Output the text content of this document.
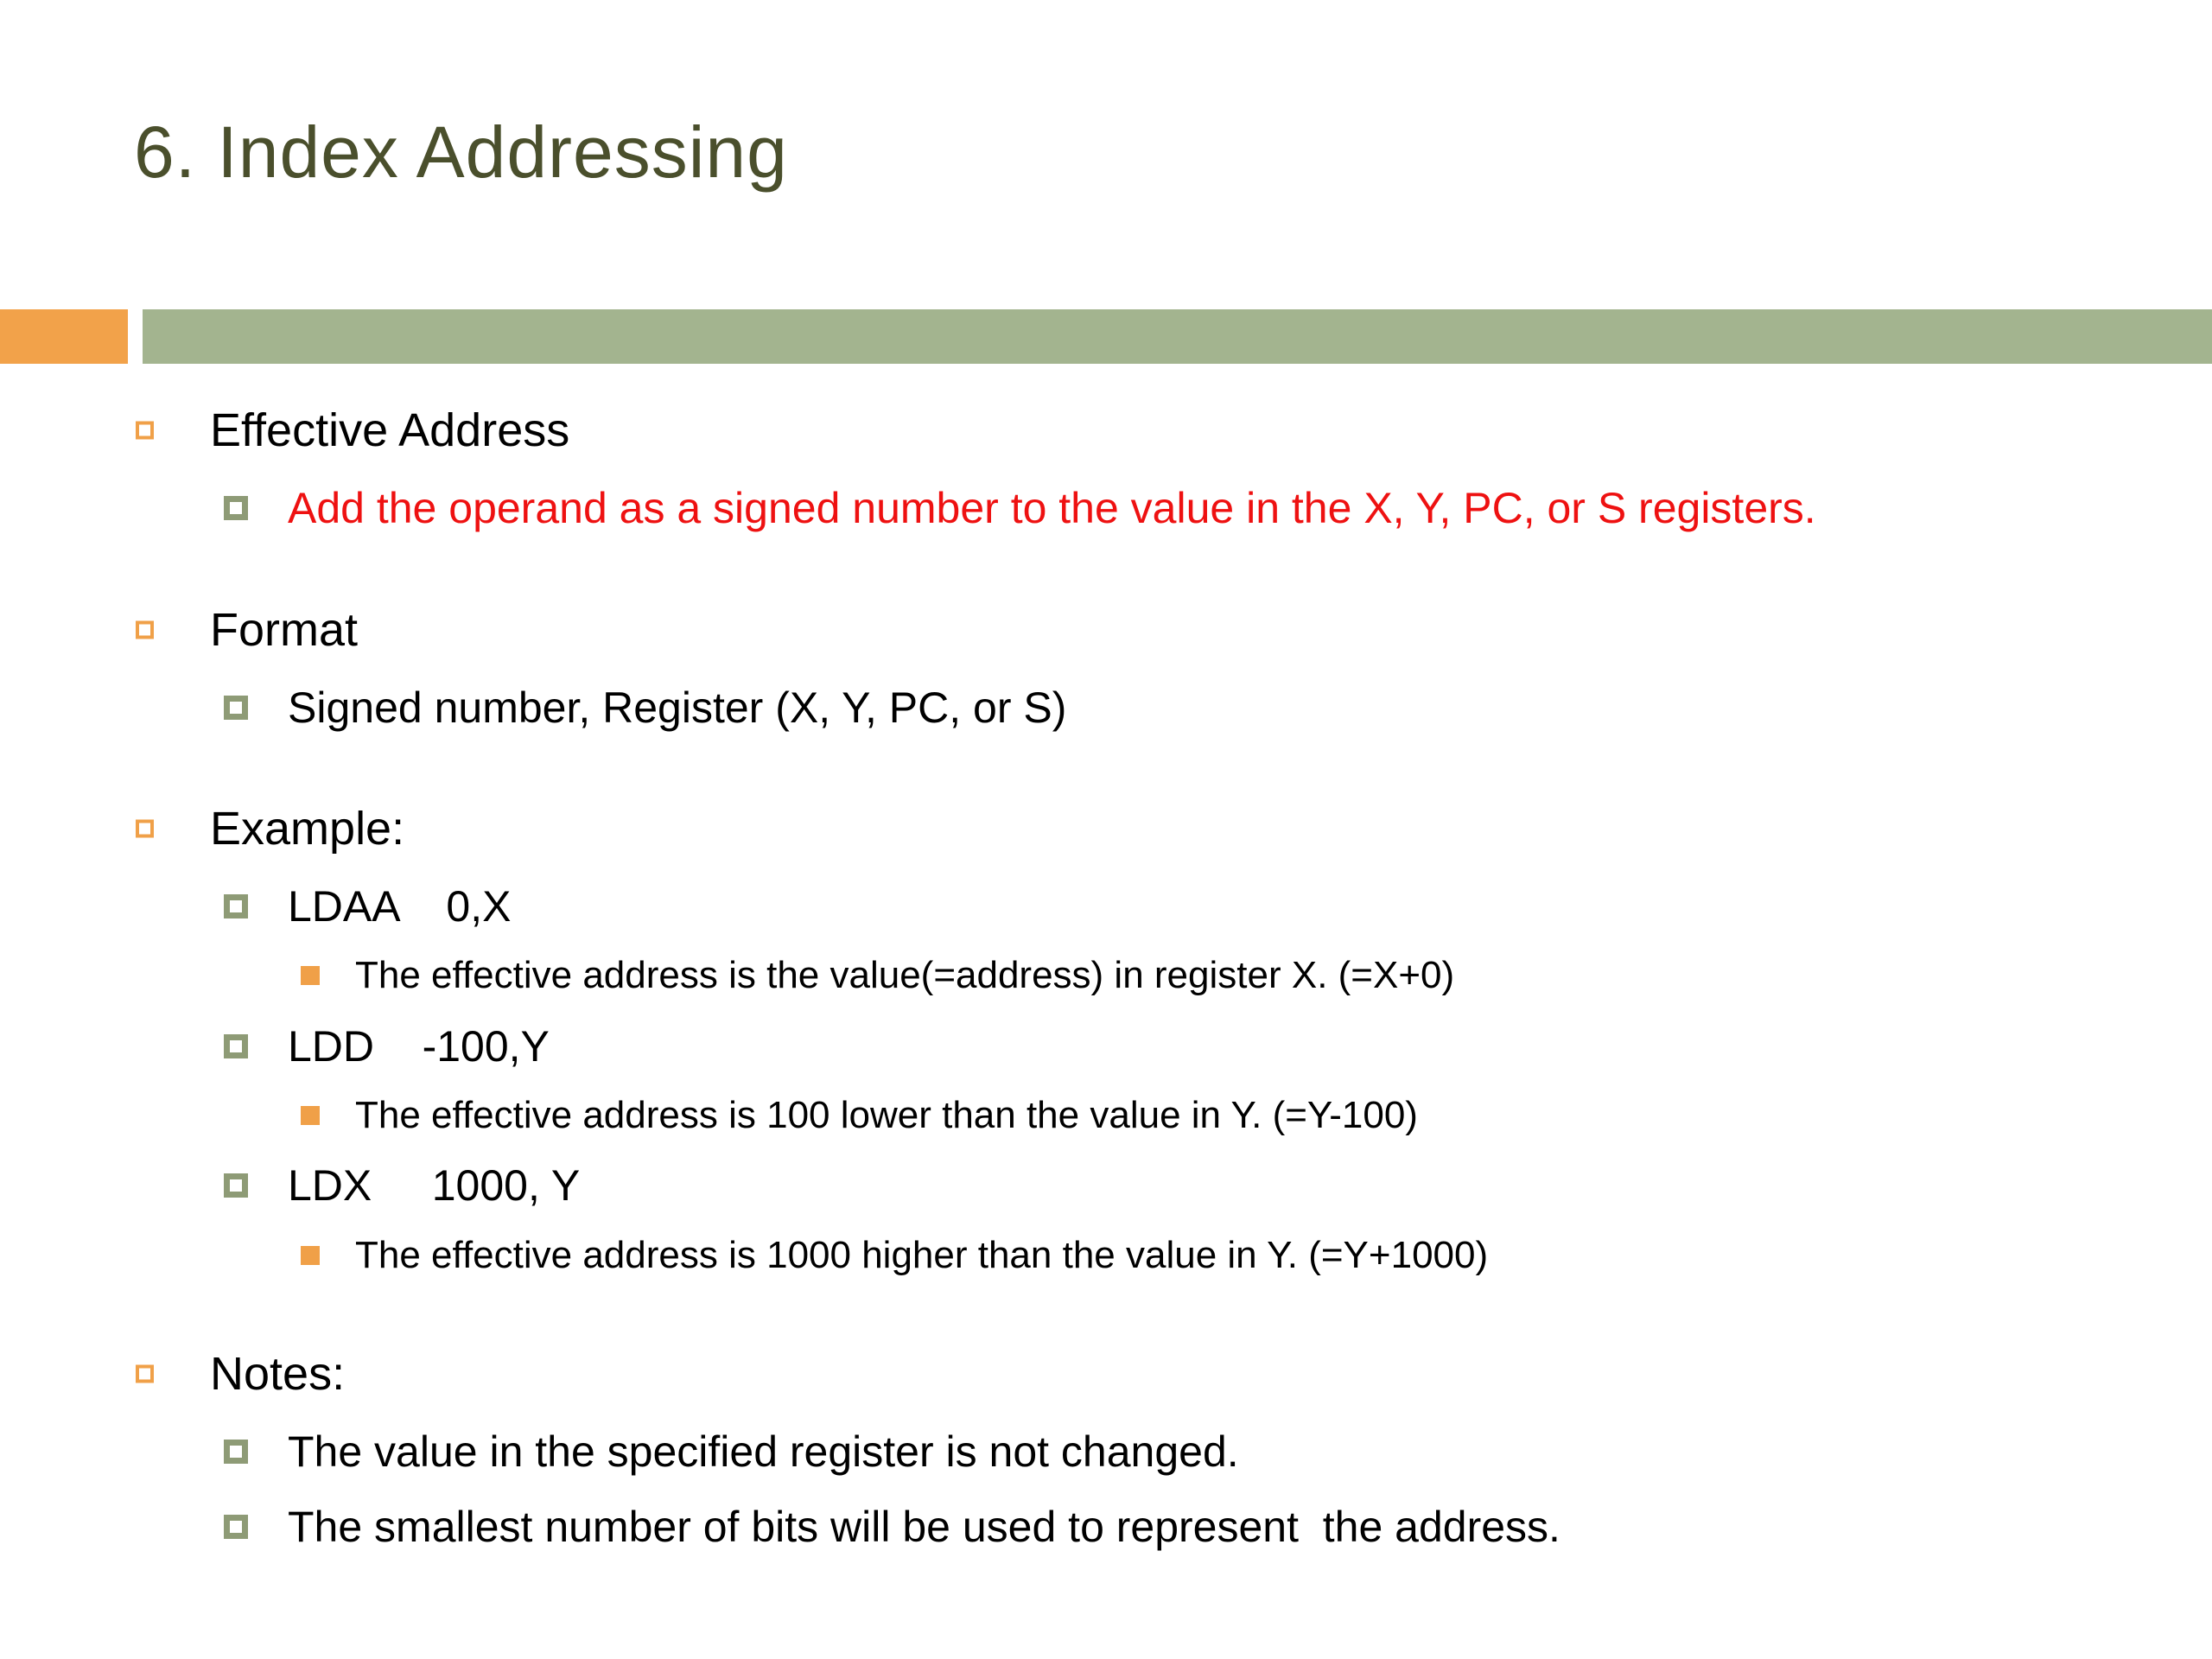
6. Index Addressing
Effective Address
Add the operand as a signed number to the value in the X, Y, PC, or S registers.
Format
Signed number, Register (X, Y, PC, or S)
Example:
LDAA    0,X
The effective address is the value(=address) in register X. (=X+0)
LDD    -100,Y
The effective address is 100 lower than the value in Y. (=Y-100)
LDX     1000, Y
The effective address is 1000 higher than the value in Y. (=Y+1000)
Notes:
The value in the specified register is not changed.
The smallest number of bits will be used to represent  the address.
